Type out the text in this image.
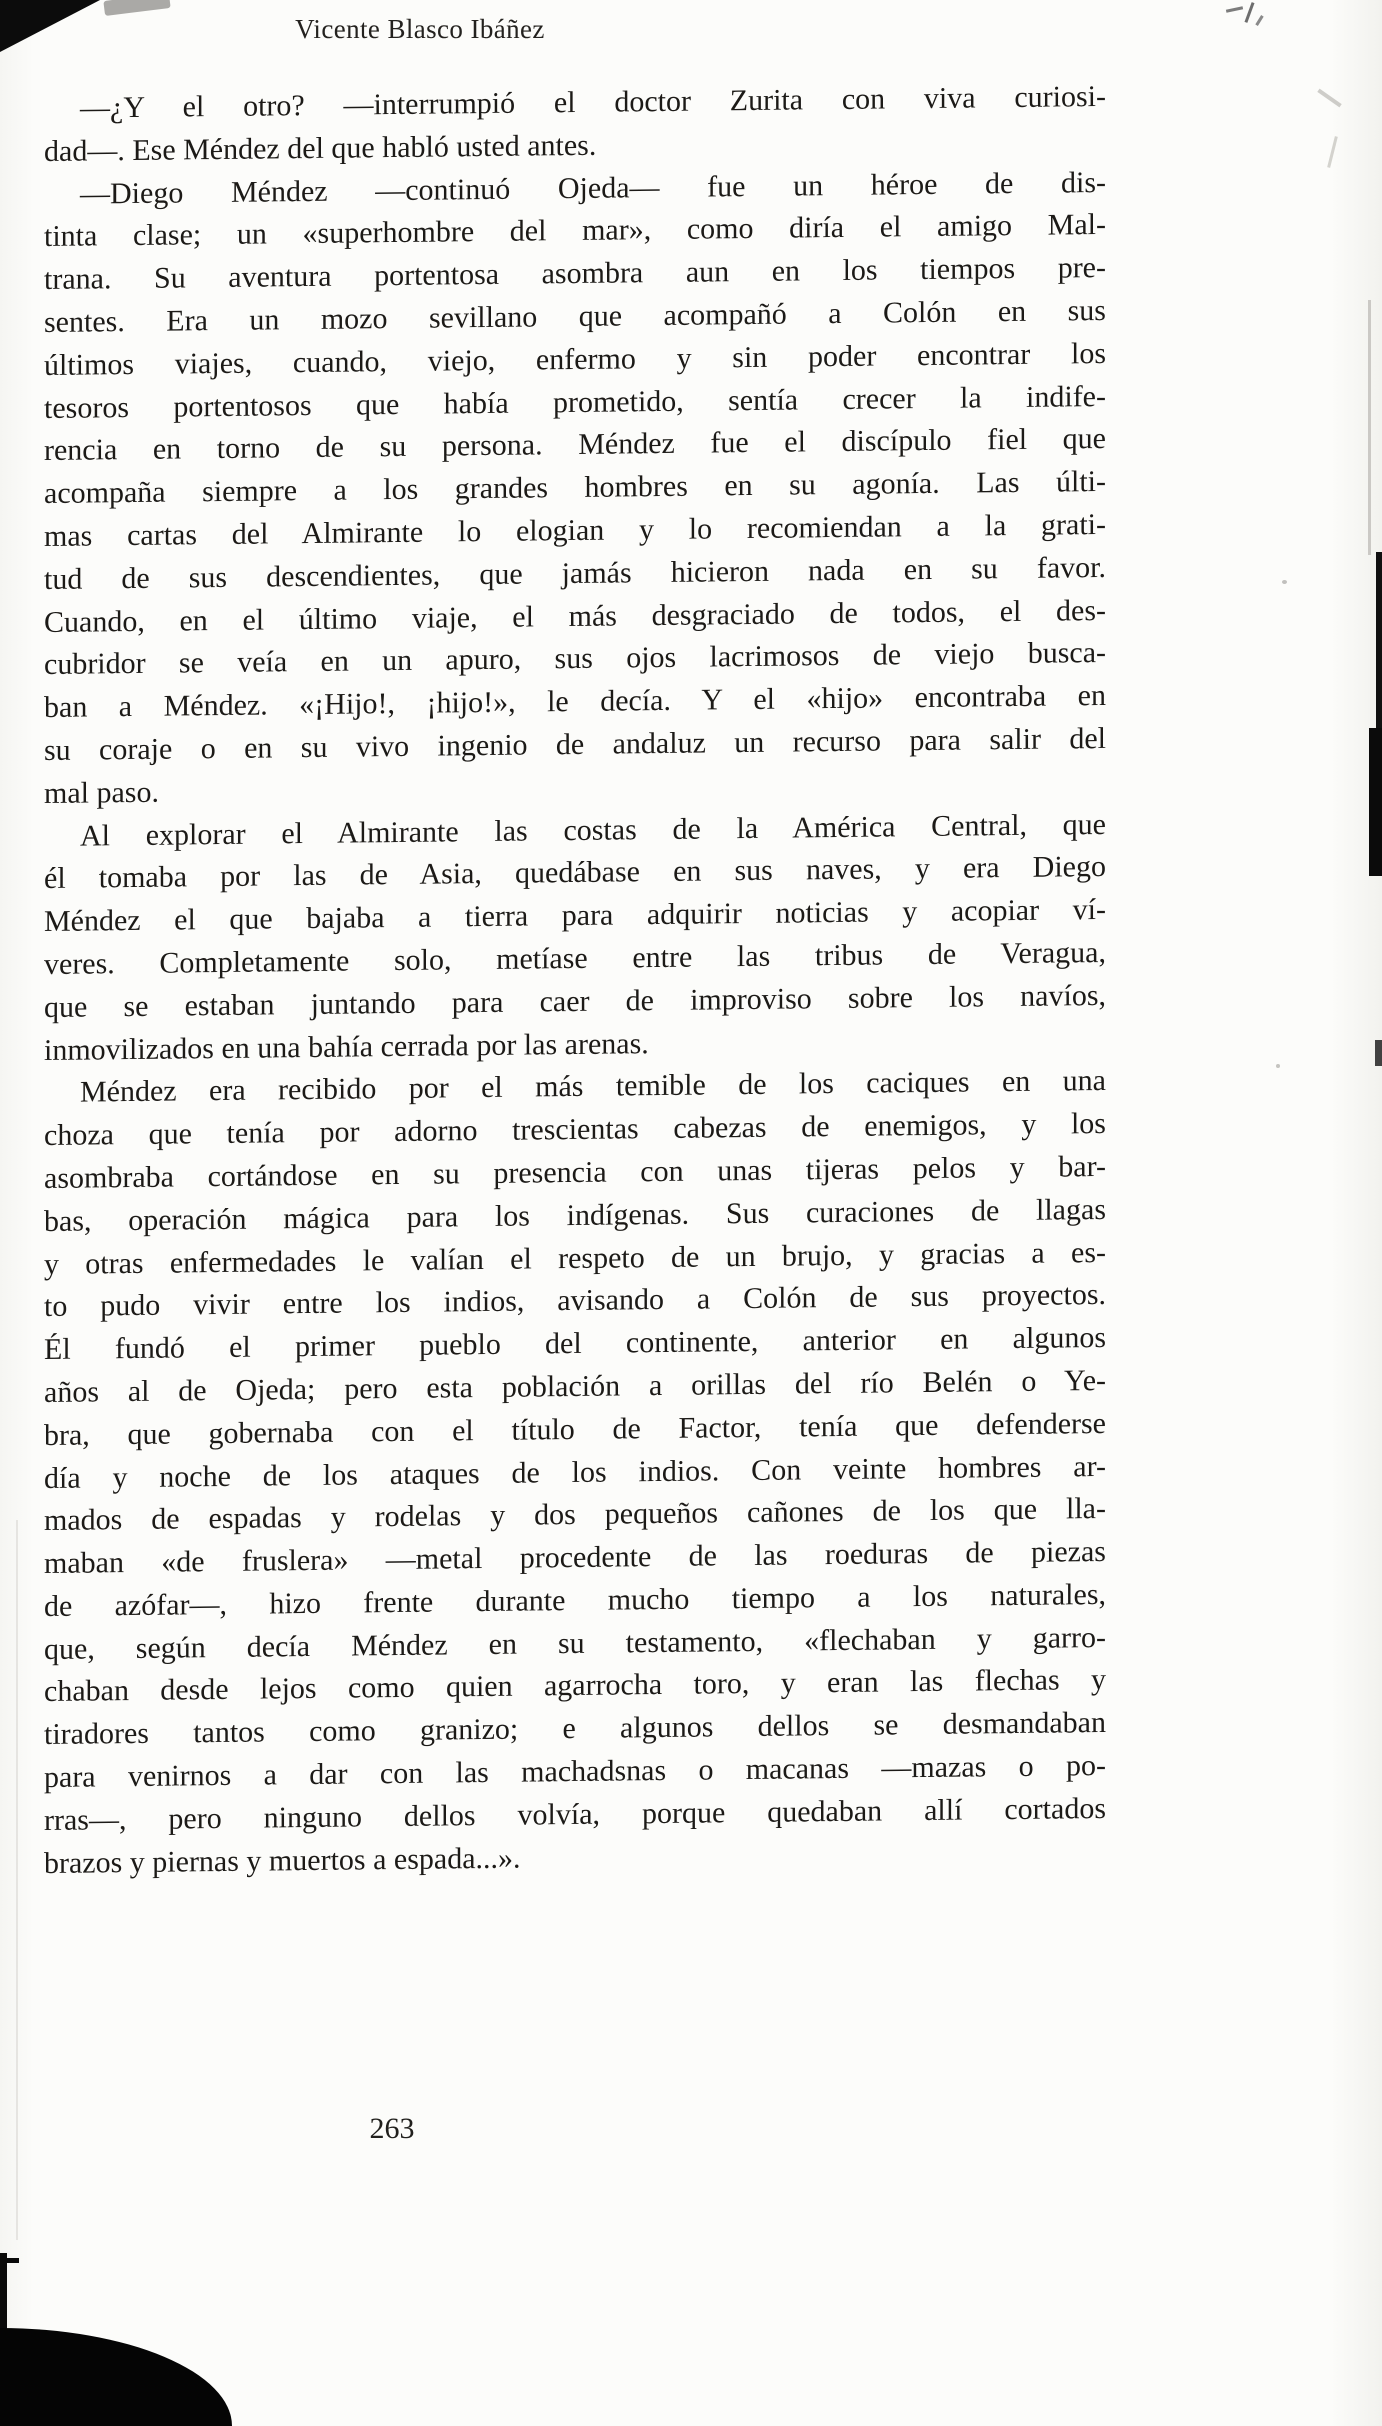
Vicente Blasco Ibáñez
—¿Y el otro? —interrumpió el doctor Zurita con viva curiosi-
dad—. Ese Méndez del que habló usted antes.
—Diego Méndez —continuó Ojeda— fue un héroe de dis-
tinta clase; un «superhombre del mar», como diría el amigo Mal-
trana. Su aventura portentosa asombra aun en los tiempos pre-
sentes. Era un mozo sevillano que acompañó a Colón en sus
últimos viajes, cuando, viejo, enfermo y sin poder encontrar los
tesoros portentosos que había prometido, sentía crecer la indife-
rencia en torno de su persona. Méndez fue el discípulo fiel que
acompaña siempre a los grandes hombres en su agonía. Las últi-
mas cartas del Almirante lo elogian y lo recomiendan a la grati-
tud de sus descendientes, que jamás hicieron nada en su favor.
Cuando, en el último viaje, el más desgraciado de todos, el des-
cubridor se veía en un apuro, sus ojos lacrimosos de viejo busca-
ban a Méndez. «¡Hijo!, ¡hijo!», le decía. Y el «hijo» encontraba en
su coraje o en su vivo ingenio de andaluz un recurso para salir del
mal paso.
Al explorar el Almirante las costas de la América Central, que
él tomaba por las de Asia, quedábase en sus naves, y era Diego
Méndez el que bajaba a tierra para adquirir noticias y acopiar ví-
veres. Completamente solo, metíase entre las tribus de Veragua,
que se estaban juntando para caer de improviso sobre los navíos,
inmovilizados en una bahía cerrada por las arenas.
Méndez era recibido por el más temible de los caciques en una
choza que tenía por adorno trescientas cabezas de enemigos, y los
asombraba cortándose en su presencia con unas tijeras pelos y bar-
bas, operación mágica para los indígenas. Sus curaciones de llagas
y otras enfermedades le valían el respeto de un brujo, y gracias a es-
to pudo vivir entre los indios, avisando a Colón de sus proyectos.
Él fundó el primer pueblo del continente, anterior en algunos
años al de Ojeda; pero esta población a orillas del río Belén o Ye-
bra, que gobernaba con el título de Factor, tenía que defenderse
día y noche de los ataques de los indios. Con veinte hombres ar-
mados de espadas y rodelas y dos pequeños cañones de los que lla-
maban «de fruslera» —metal procedente de las roeduras de piezas
de azófar—, hizo frente durante mucho tiempo a los naturales,
que, según decía Méndez en su testamento, «flechaban y garro-
chaban desde lejos como quien agarrocha toro, y eran las flechas y
tiradores tantos como granizo; e algunos dellos se desmandaban
para venirnos a dar con las machadsnas o macanas —mazas o po-
rras—, pero ninguno dellos volvía, porque quedaban allí cortados
brazos y piernas y muertos a espada...».
263
